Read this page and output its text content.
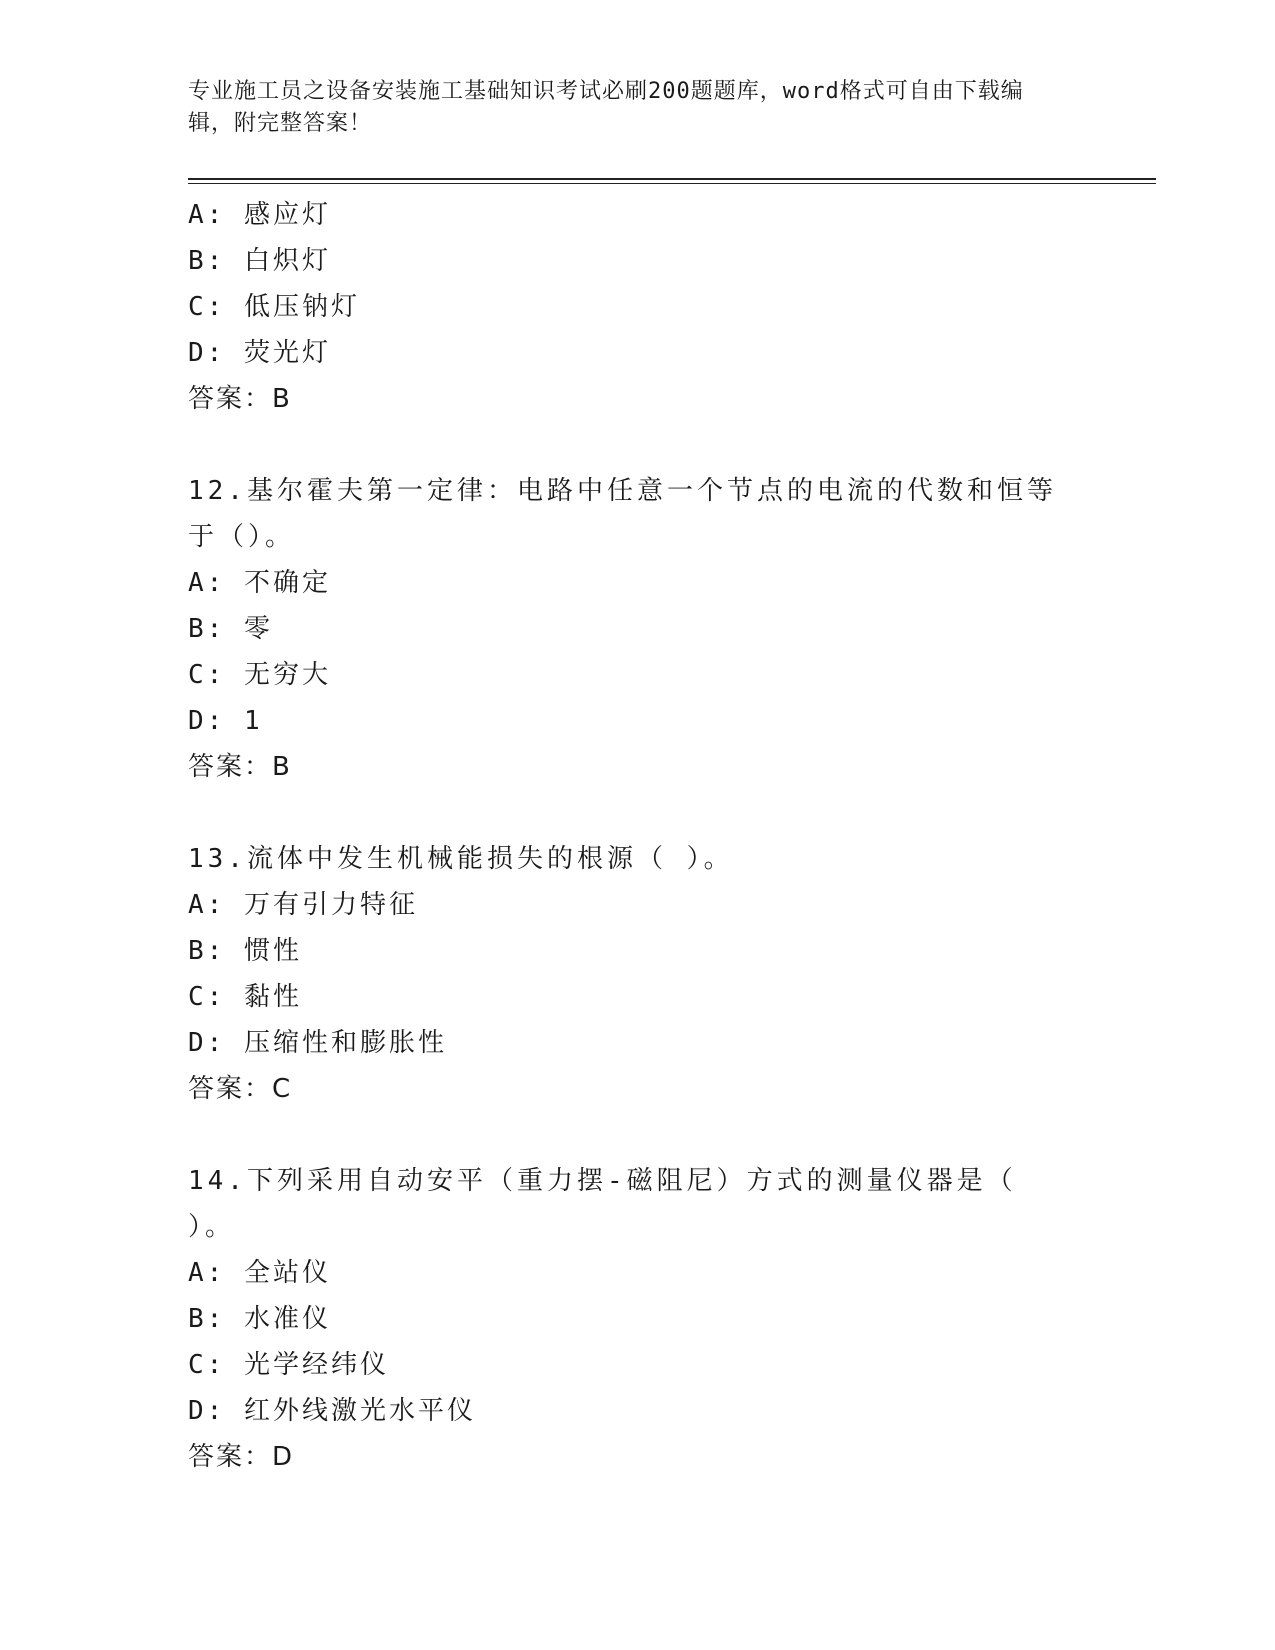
专业施工员之设备安装施工基础知识考试必刷200题题库，word格式可自由下载编辑，附完整答案！
A: 感应灯
B: 白炽灯
C: 低压钠灯
D: 荧光灯
答案：B
12.基尔霍夫第一定律：电路中任意一个节点的电流的代数和恒等于（）。
A: 不确定
B: 零
C: 无穷大
D: 1
答案：B
13.流体中发生机械能损失的根源（ ）。
A: 万有引力特征
B: 惯性
C: 黏性
D: 压缩性和膨胀性
答案：C
14.下列采用自动安平（重力摆-磁阻尼）方式的测量仪器是（ ）。
A: 全站仪
B: 水准仪
C: 光学经纬仪
D: 红外线激光水平仪
答案：D
